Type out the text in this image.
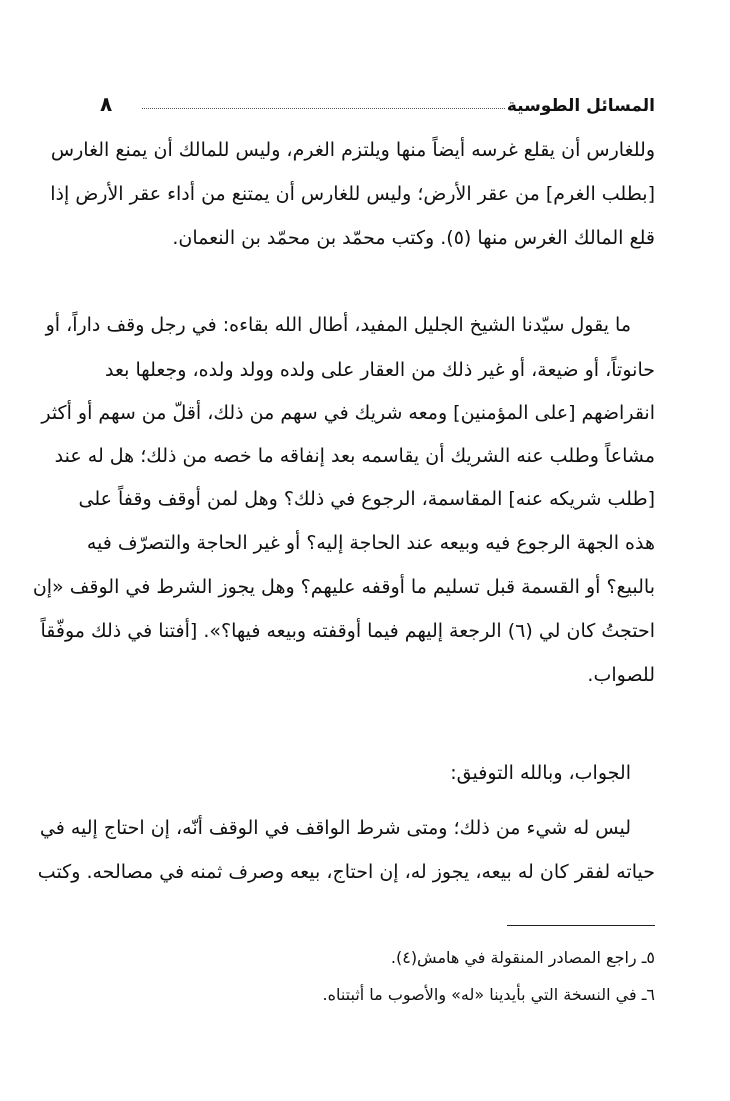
المسائل الطوسية
٨
وللغارس أن يقلع غرسه أيضاً منها ويلتزم الغرم، وليس للمالك أن يمنع الغارس
[بطلب الغرم] من عقر الأرض؛ وليس للغارس أن يمتنع من أداء عقر الأرض إذا
قلع المالك الغرس منها (٥). وكتب محمّد بن محمّد بن النعمان.
ما يقول سيّدنا الشيخ الجليل المفيد، أطال الله بقاءه: في رجل وقف داراً، أو
حانوتاً، أو ضيعة، أو غير ذلك من العقار على ولده وولد ولده، وجعلها بعد
انقراضهم [على المؤمنين] ومعه شريك في سهم من ذلك، أقلّ من سهم أو أكثر
مشاعاً وطلب عنه الشريك أن يقاسمه بعد إنفاقه ما خصه من ذلك؛ هل له عند
[طلب شريكه عنه] المقاسمة، الرجوع في ذلك؟ وهل لمن أوقف وقفاً على
هذه الجهة الرجوع فيه وبيعه عند الحاجة إليه؟ أو غير الحاجة والتصرّف فيه
بالبيع؟ أو القسمة قبل تسليم ما أوقفه عليهم؟ وهل يجوز الشرط في الوقف «إن
احتجتُ كان لي (٦) الرجعة إليهم فيما أوقفته وبيعه فيها؟». [أفتنا في ذلك موفّقاً
للصواب.
الجواب، وبالله التوفيق:
ليس له شيء من ذلك؛ ومتى شرط الواقف في الوقف أنّه، إن احتاج إليه في
حياته لفقر كان له بيعه، يجوز له، إن احتاج، بيعه وصرف ثمنه في مصالحه. وكتب
٥ـ راجع المصادر المنقولة في هامش(٤).
٦ـ في النسخة التي بأيدينا «له» والأصوب ما أثبتناه.
